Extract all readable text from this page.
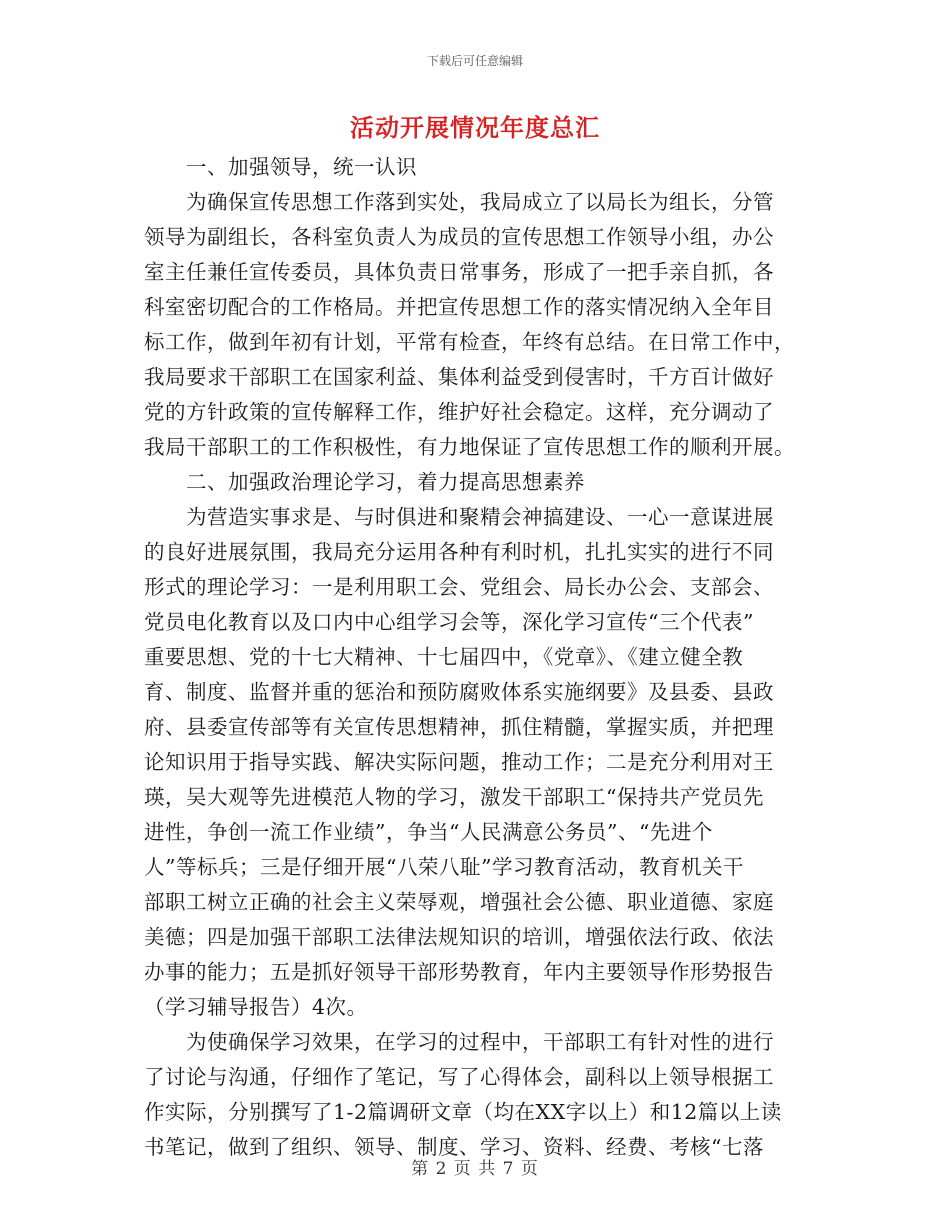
下载后可任意编辑
活动开展情况年度总汇
一、加强领导，统一认识
为确保宣传思想工作落到实处，我局成立了以局长为组长，分管
领导为副组长，各科室负责人为成员的宣传思想工作领导小组，办公
室主任兼任宣传委员，具体负责日常事务，形成了一把手亲自抓，各
科室密切配合的工作格局。并把宣传思想工作的落实情况纳入全年目
标工作，做到年初有计划，平常有检查，年终有总结。在日常工作中，
我局要求干部职工在国家利益、集体利益受到侵害时，千方百计做好
党的方针政策的宣传解释工作，维护好社会稳定。这样，充分调动了
我局干部职工的工作积极性，有力地保证了宣传思想工作的顺利开展。
二、加强政治理论学习，着力提高思想素养
为营造实事求是、与时俱进和聚精会神搞建设、一心一意谋进展
的良好进展氛围，我局充分运用各种有利时机，扎扎实实的进行不同
形式的理论学习：一是利用职工会、党组会、局长办公会、支部会、
党员电化教育以及口内中心组学习会等，深化学习宣传“三个代表”
重要思想、党的十七大精神、十七届四中，《党章》、《建立健全教
育、制度、监督并重的惩治和预防腐败体系实施纲要》及县委、县政
府、县委宣传部等有关宣传思想精神，抓住精髓，掌握实质，并把理
论知识用于指导实践、解决实际问题，推动工作；二是充分利用对王
瑛，吴大观等先进模范人物的学习，激发干部职工“保持共产党员先
进性，争创一流工作业绩”，争当“人民满意公务员”、“先进个
人”等标兵；三是仔细开展“八荣八耻”学习教育活动，教育机关干
部职工树立正确的社会主义荣辱观，增强社会公德、职业道德、家庭
美德；四是加强干部职工法律法规知识的培训，增强依法行政、依法
办事的能力；五是抓好领导干部形势教育，年内主要领导作形势报告
（学习辅导报告）4次。
为使确保学习效果，在学习的过程中，干部职工有针对性的进行
了讨论与沟通，仔细作了笔记，写了心得体会，副科以上领导根据工
作实际，分别撰写了1-2篇调研文章（均在XX字以上）和12篇以上读
书笔记，做到了组织、领导、制度、学习、资料、经费、考核“七落
第 2 页 共 7 页
